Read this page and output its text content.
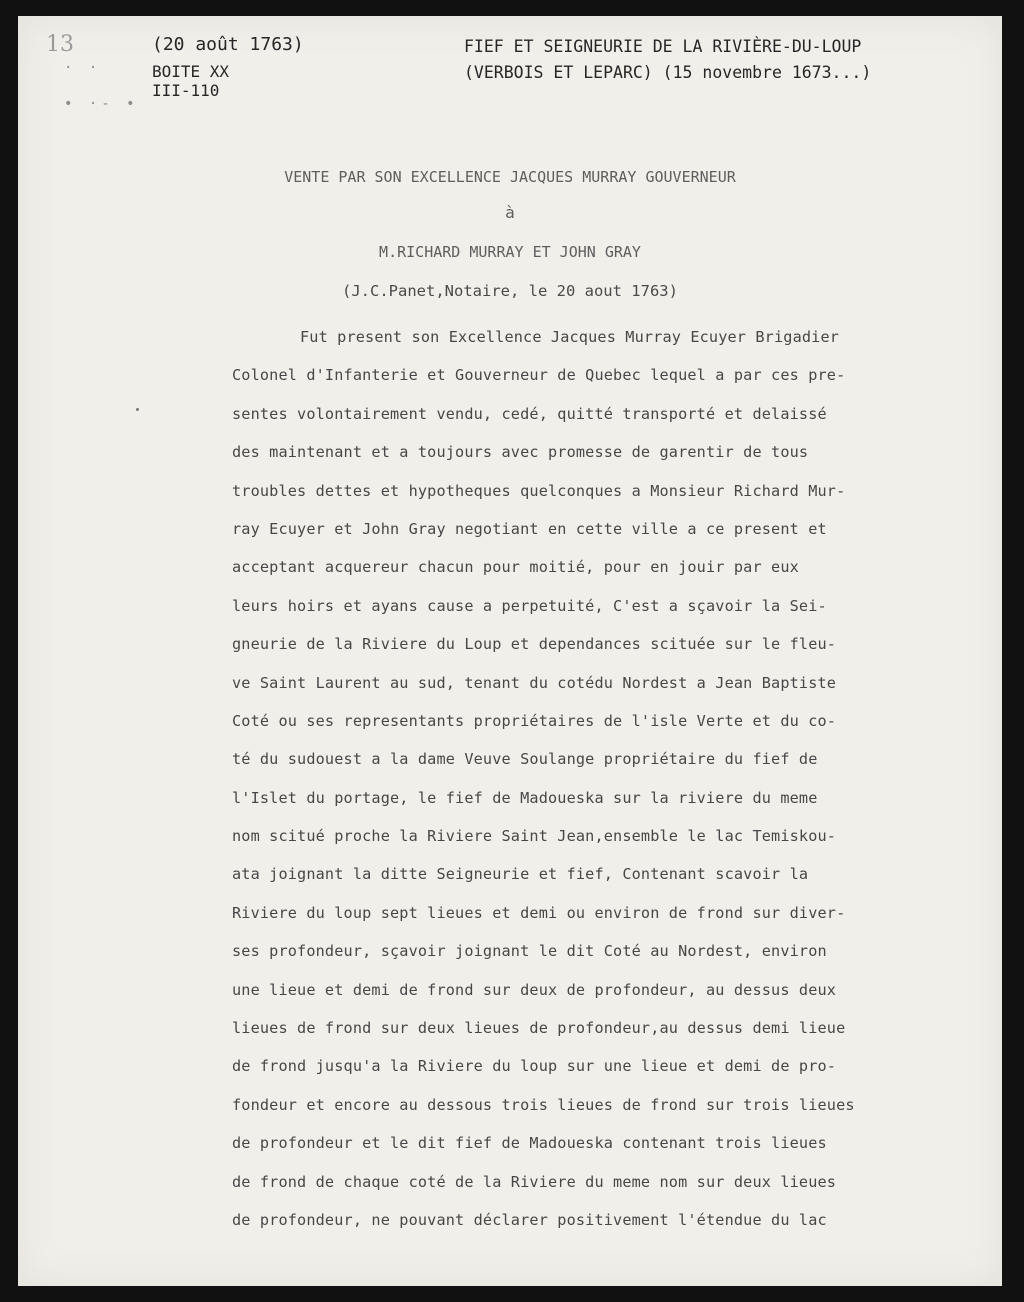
13
· ·
• ·- •
(20 août 1763)
BOITE XX
III-110
FIEF ET SEIGNEURIE DE LA RIVIÈRE-DU-LOUP
(VERBOIS ET LEPARC) (15 novembre 1673...)
VENTE PAR SON EXCELLENCE JACQUES MURRAY GOUVERNEUR
à
M.RICHARD MURRAY ET JOHN GRAY
(J.C.Panet,Notaire, le 20 aout 1763)
Fut present son Excellence Jacques Murray Ecuyer Brigadier
Colonel d'Infanterie et Gouverneur de Quebec lequel a par ces pre-
sentes volontairement vendu, cedé, quitté transporté et delaissé
des maintenant et a toujours avec promesse de garentir de tous
troubles dettes et hypotheques quelconques a Monsieur Richard Mur-
ray Ecuyer et John Gray negotiant en cette ville a ce present et
acceptant acquereur chacun pour moitié, pour en jouir par eux
leurs hoirs et ayans cause a perpetuité, C'est a sçavoir la Sei-
gneurie de la Riviere du Loup et dependances scituée sur le fleu-
ve Saint Laurent au sud, tenant du cotédu Nordest a Jean Baptiste
Coté ou ses representants propriétaires de l'isle Verte et du co-
té du sudouest a la dame Veuve Soulange propriétaire du fief de
l'Islet du portage, le fief de Madoueska sur la riviere du meme
nom scitué proche la Riviere Saint Jean,ensemble le lac Temiskou-
ata joignant la ditte Seigneurie et fief, Contenant scavoir la
Riviere du loup sept lieues et demi ou environ de frond sur diver-
ses profondeur, sçavoir joignant le dit Coté au Nordest, environ
une lieue et demi de frond sur deux de profondeur, au dessus deux
lieues de frond sur deux lieues de profondeur,au dessus demi lieue
de frond jusqu'a la Riviere du loup sur une lieue et demi de pro-
fondeur et encore au dessous trois lieues de frond sur trois lieues
de profondeur et le dit fief de Madoueska contenant trois lieues
de frond de chaque coté de la Riviere du meme nom sur deux lieues
de profondeur, ne pouvant déclarer positivement l'étendue du lac
